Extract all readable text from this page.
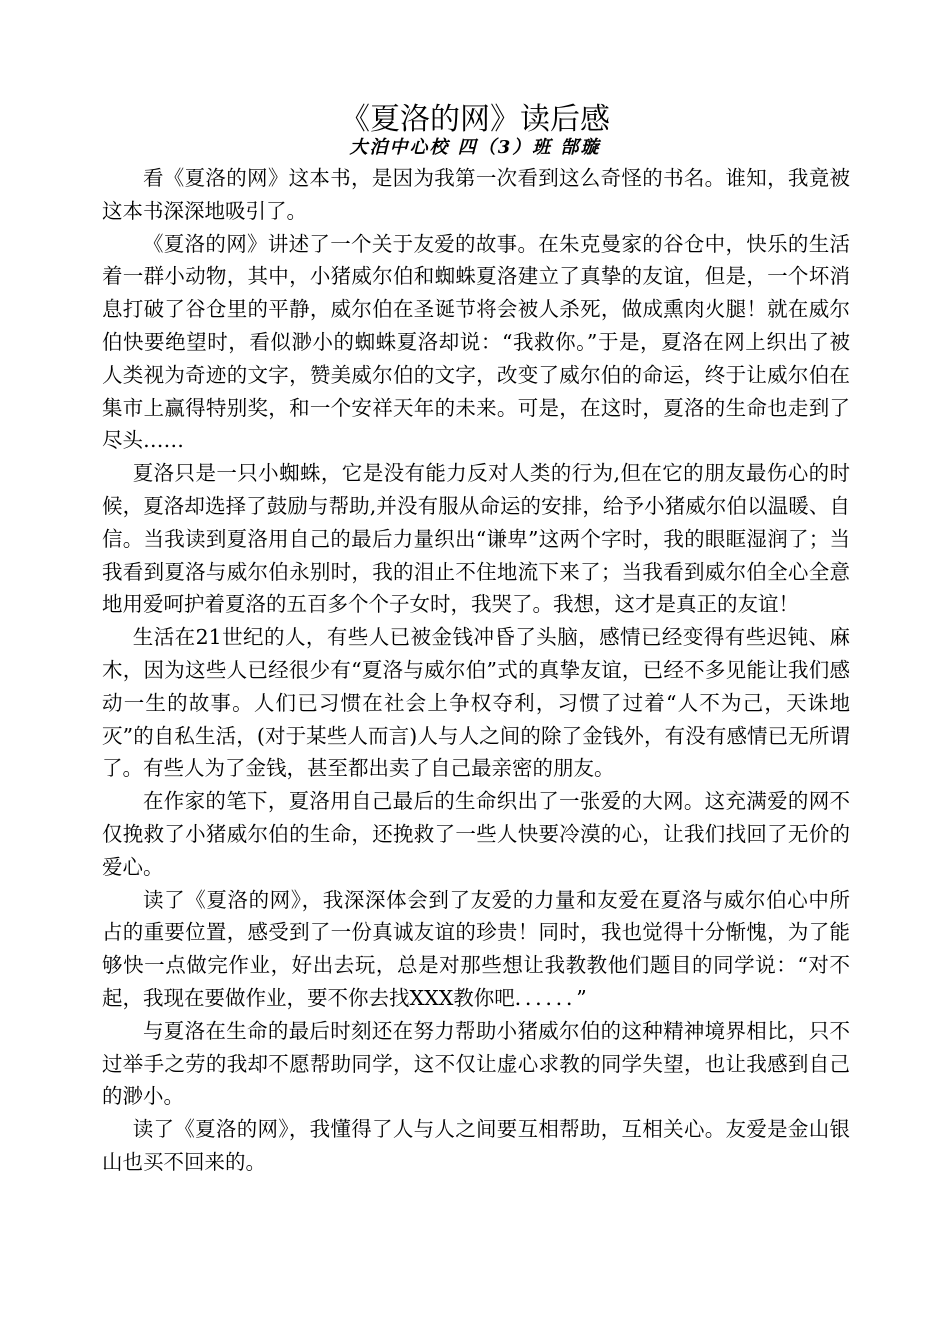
《夏洛的网》读后感
大泊中心校 四（3）班 郜璇

看《夏洛的网》这本书，是因为我第一次看到这么奇怪的书名。谁知，我竟被这本书深深地吸引了。

《夏洛的网》讲述了一个关于友爱的故事。在朱克曼家的谷仓中，快乐的生活着一群小动物，其中，小猪威尔伯和蜘蛛夏洛建立了真挚的友谊，但是，一个坏消息打破了谷仓里的平静，威尔伯在圣诞节将会被人杀死，做成熏肉火腿！就在威尔伯快要绝望时，看似渺小的蜘蛛夏洛却说：“我救你。”于是，夏洛在网上织出了被人类视为奇迹的文字，赞美威尔伯的文字，改变了威尔伯的命运，终于让威尔伯在集市上赢得特别奖，和一个安祥天年的未来。可是，在这时，夏洛的生命也走到了尽头……

夏洛只是一只小蜘蛛，它是没有能力反对人类的行为,但在它的朋友最伤心的时候，夏洛却选择了鼓励与帮助,并没有服从命运的安排，给予小猪威尔伯以温暖、自信。当我读到夏洛用自己的最后力量织出“谦卑”这两个字时，我的眼眶湿润了；当我看到夏洛与威尔伯永别时，我的泪止不住地流下来了；当我看到威尔伯全心全意地用爱呵护着夏洛的五百多个个子女时，我哭了。我想，这才是真正的友谊！

生活在21世纪的人，有些人已被金钱冲昏了头脑，感情已经变得有些迟钝、麻木，因为这些人已经很少有“夏洛与威尔伯”式的真挚友谊，已经不多见能让我们感动一生的故事。人们已习惯在社会上争权夺利，习惯了过着“人不为己，天诛地灭”的自私生活，(对于某些人而言)人与人之间的除了金钱外，有没有感情已无所谓了。有些人为了金钱，甚至都出卖了自己最亲密的朋友。

在作家的笔下，夏洛用自己最后的生命织出了一张爱的大网。这充满爱的网不仅挽救了小猪威尔伯的生命，还挽救了一些人快要冷漠的心，让我们找回了无价的爱心。

读了《夏洛的网》，我深深体会到了友爱的力量和友爱在夏洛与威尔伯心中所占的重要位置，感受到了一份真诚友谊的珍贵！同时，我也觉得十分惭愧，为了能够快一点做完作业，好出去玩，总是对那些想让我教教他们题目的同学说：“对不起，我现在要做作业，要不你去找XXX教你吧．．．．．．”

与夏洛在生命的最后时刻还在努力帮助小猪威尔伯的这种精神境界相比，只不过举手之劳的我却不愿帮助同学，这不仅让虚心求教的同学失望，也让我感到自己的渺小。

读了《夏洛的网》，我懂得了人与人之间要互相帮助，互相关心。友爱是金山银山也买不回来的。
